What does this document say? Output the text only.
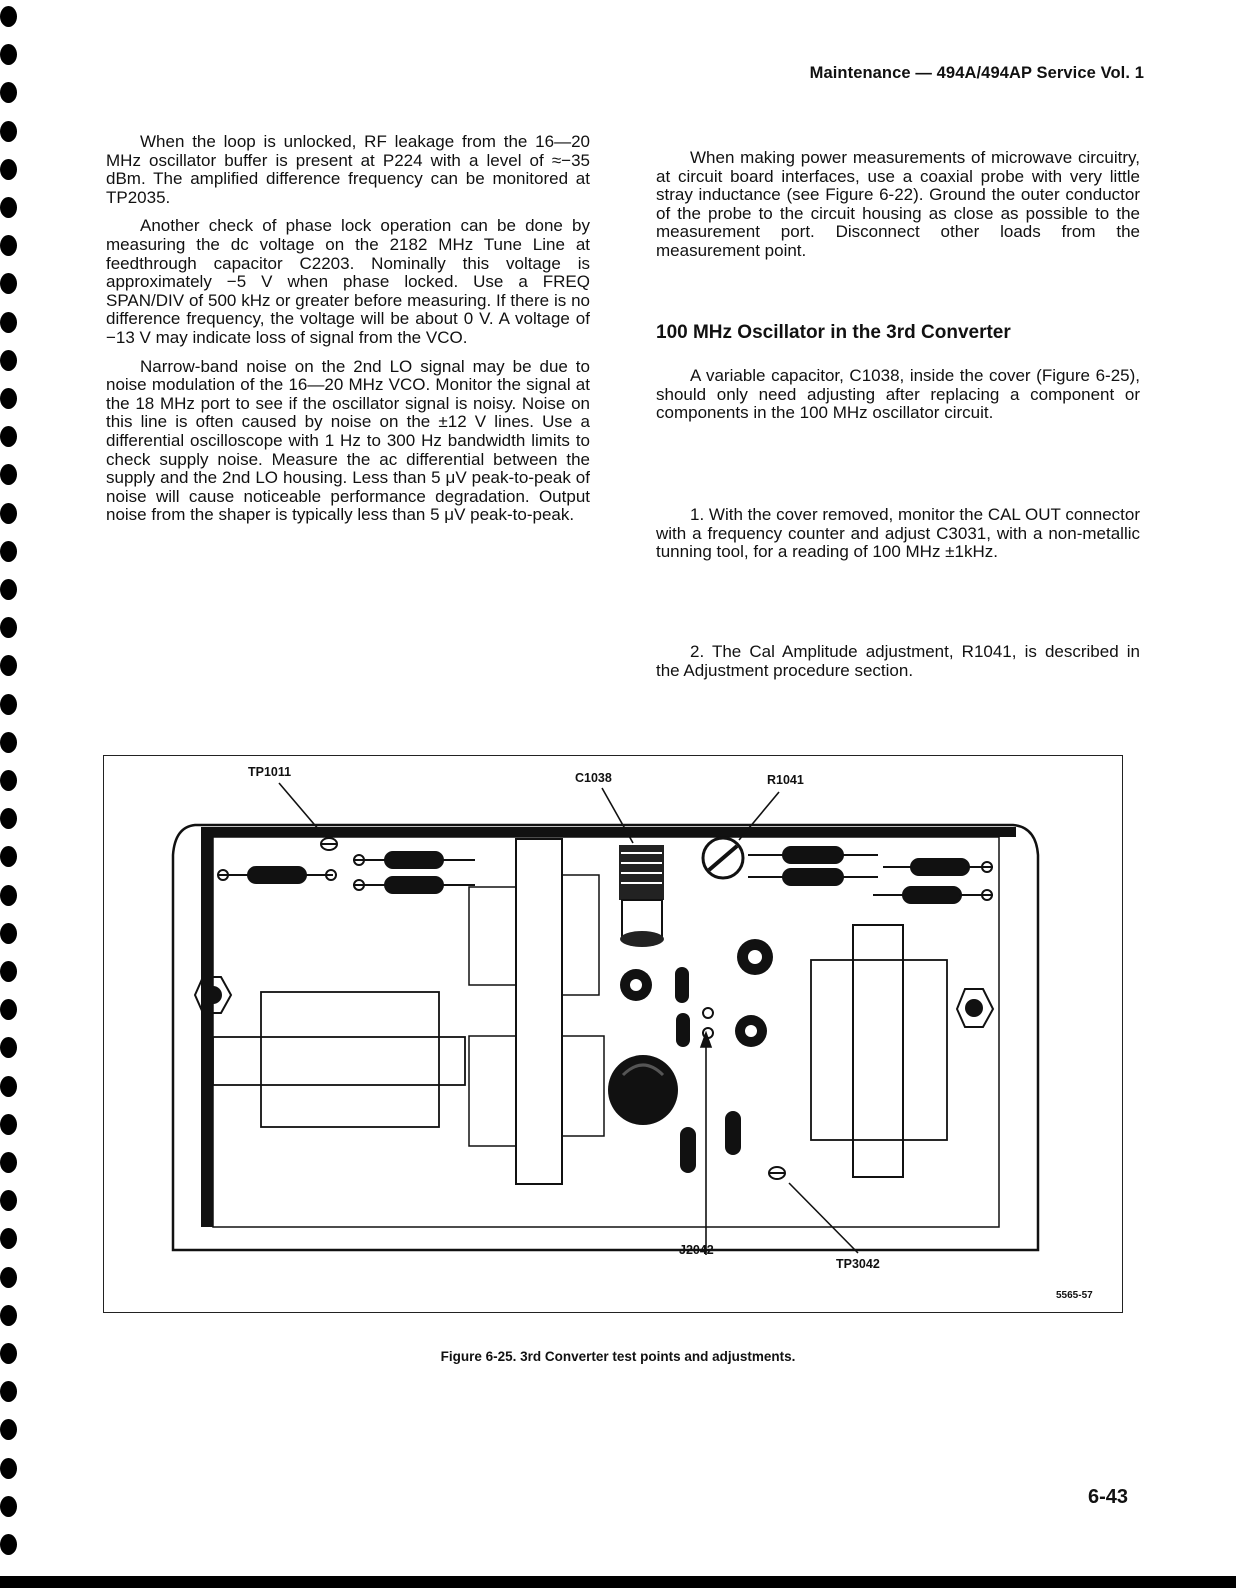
Maintenance — 494A/494AP Service Vol. 1

When the loop is unlocked, RF leakage from the 16—20 MHz oscillator buffer is present at P224 with a level of ≈−35 dBm. The amplified difference frequency can be monitored at TP2035.

Another check of phase lock operation can be done by measuring the dc voltage on the 2182 MHz Tune Line at feedthrough capacitor C2203. Nominally this voltage is approximately −5 V when phase locked. Use a FREQ SPAN/DIV of 500 kHz or greater before measuring. If there is no difference frequency, the voltage will be about 0 V. A voltage of −13 V may indicate loss of signal from the VCO.

Narrow-band noise on the 2nd LO signal may be due to noise modulation of the 16—20 MHz VCO. Monitor the signal at the 18 MHz port to see if the oscillator signal is noisy. Noise on this line is often caused by noise on the ±12 V lines. Use a differential oscilloscope with 1 Hz to 300 Hz bandwidth limits to check supply noise. Measure the ac differential between the supply and the 2nd LO housing. Less than 5 μV peak-to-peak of noise will cause noticeable performance degradation. Output noise from the shaper is typically less than 5 μV peak-to-peak.

When making power measurements of microwave circuitry, at circuit board interfaces, use a coaxial probe with very little stray inductance (see Figure 6-22). Ground the outer conductor of the probe to the circuit housing as close as possible to the measurement port. Disconnect other loads from the measurement point.

100 MHz Oscillator in the 3rd Converter

A variable capacitor, C1038, inside the cover (Figure 6-25), should only need adjusting after replacing a component or components in the 100 MHz oscillator circuit.

1. With the cover removed, monitor the CAL OUT connector with a frequency counter and adjust C3031, with a non-metallic tunning tool, for a reading of 100 MHz ±1kHz.

2. The Cal Amplitude adjustment, R1041, is described in the Adjustment procedure section.

TP1011	C1038	R1041
J2042
TP3042
5565-57
Figure 6-25. 3rd Converter test points and adjustments.
6-43
